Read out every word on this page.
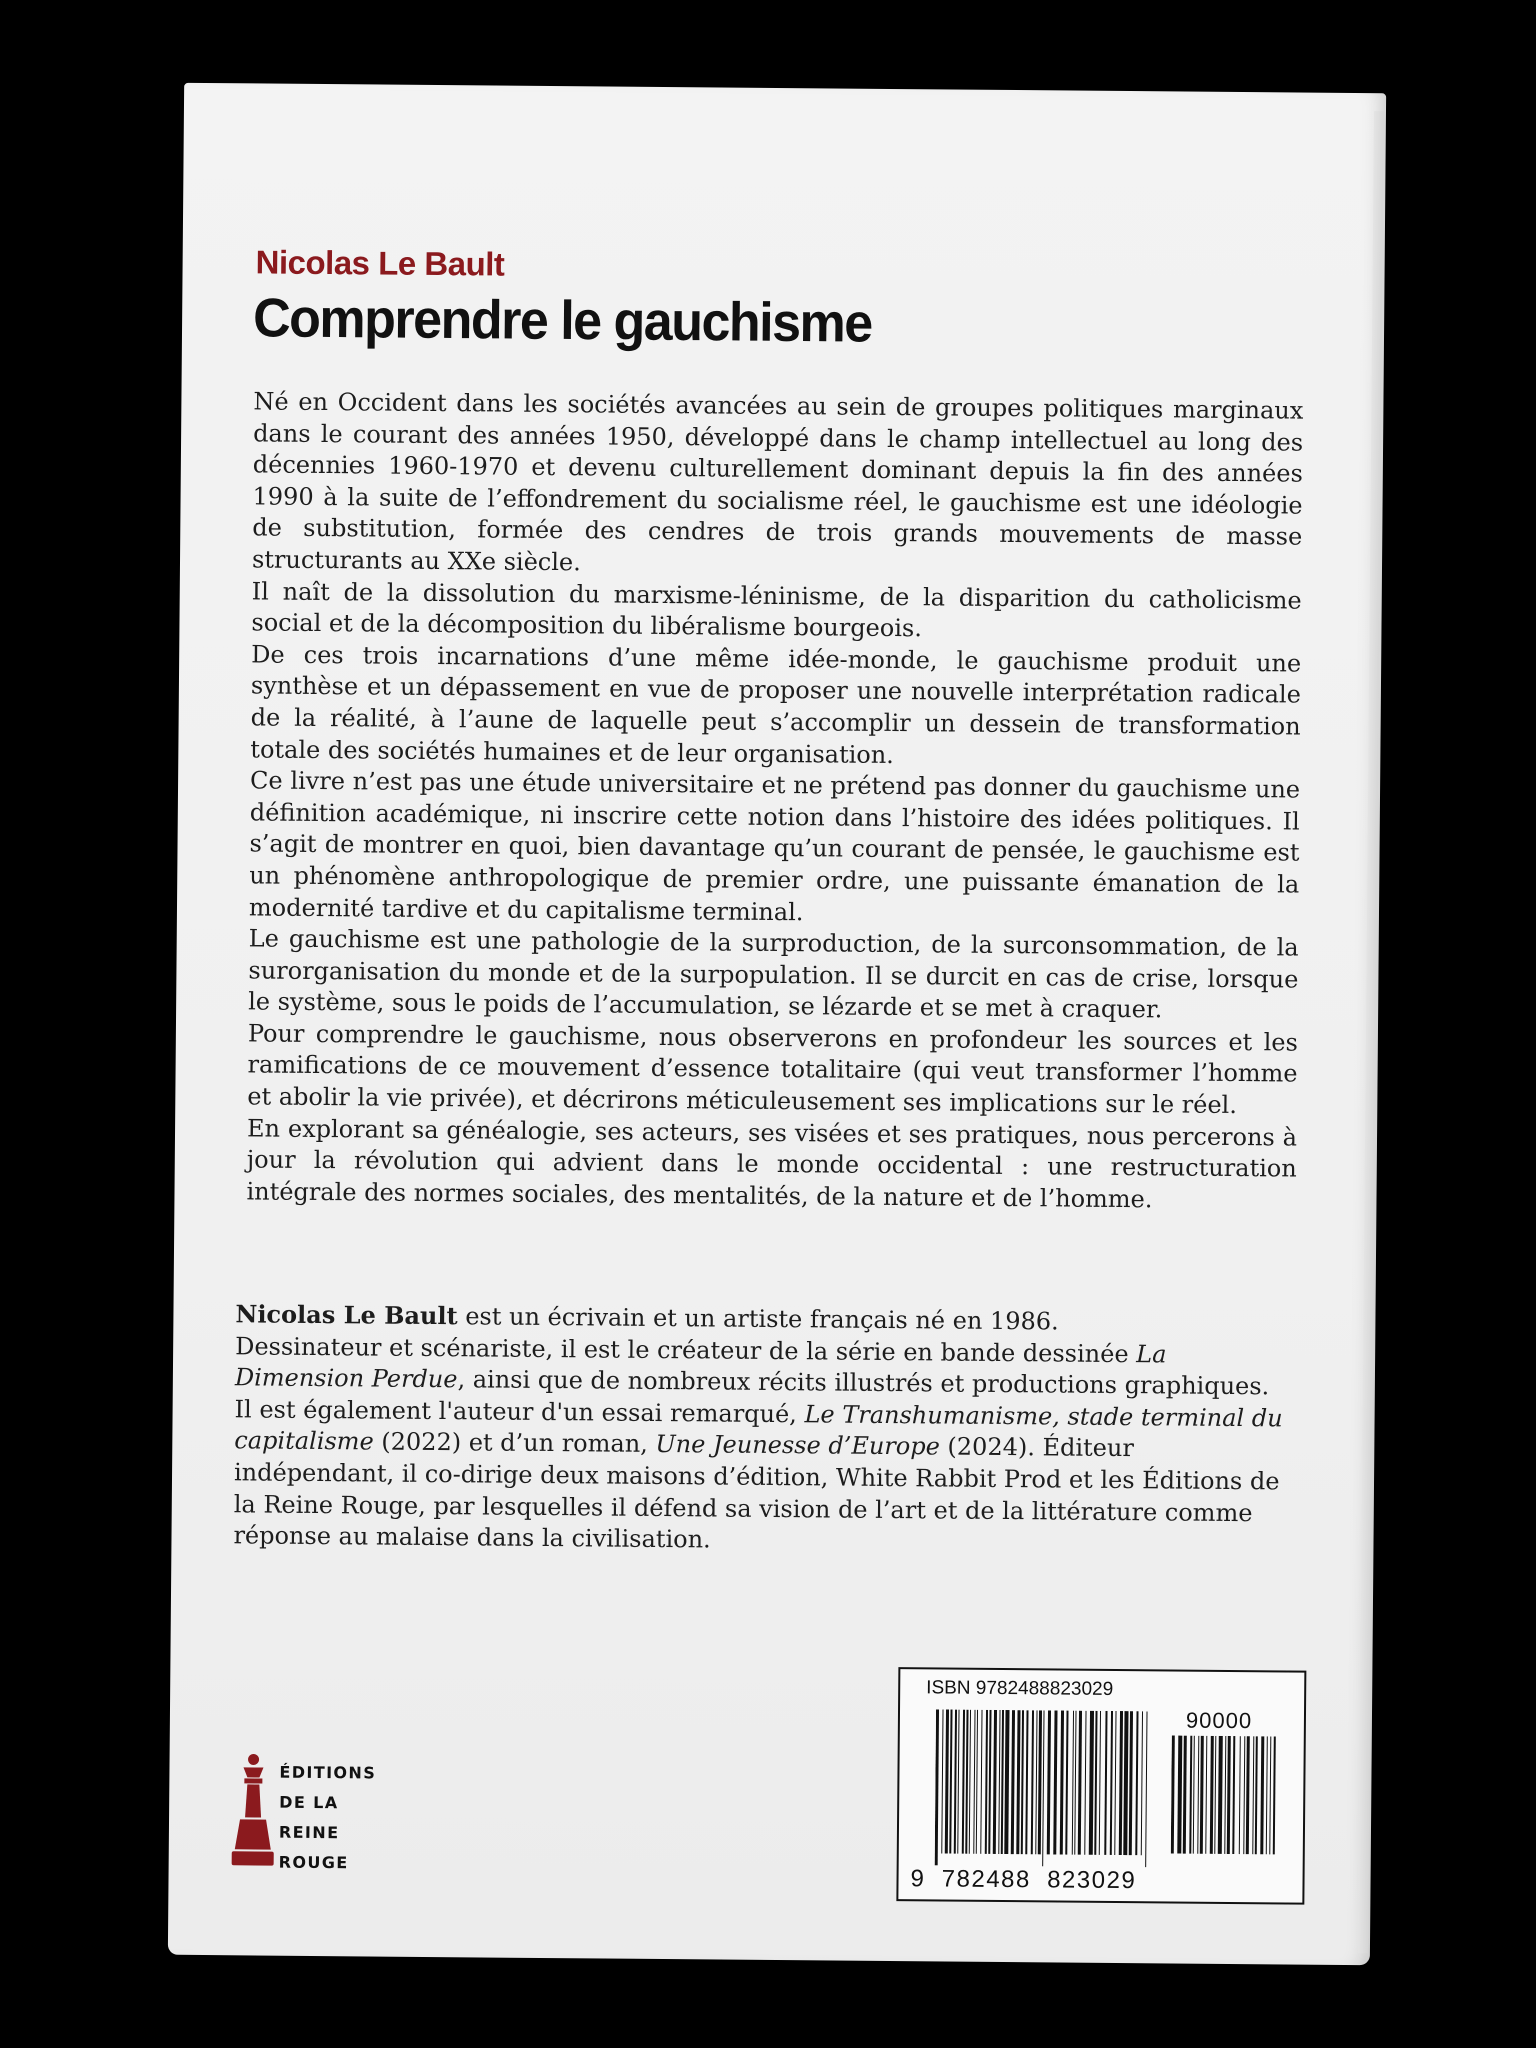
Nicolas Le Bault
Comprendre le gauchisme

Né en Occident dans les sociétés avancées au sein de groupes politiques marginaux dans le courant des années 1950, développé dans le champ intellectuel au long des décennies 1960-1970 et devenu culturellement dominant depuis la fin des années 1990 à la suite de l’effondrement du socialisme réel, le gauchisme est une idéologie de substitution, formée des cendres de trois grands mouvements de masse structurants au XXe siècle.

Il naît de la dissolution du marxisme-léninisme, de la disparition du catholicisme social et de la décomposition du libéralisme bourgeois.

De ces trois incarnations d’une même idée-monde, le gauchisme produit une synthèse et un dépassement en vue de proposer une nouvelle interprétation radicale de la réalité, à l’aune de laquelle peut s’accomplir un dessein de transformation totale des sociétés humaines et de leur organisation.

Ce livre n’est pas une étude universitaire et ne prétend pas donner du gauchisme une définition académique, ni inscrire cette notion dans l’histoire des idées politiques. Il s’agit de montrer en quoi, bien davantage qu’un courant de pensée, le gauchisme est un phénomène anthropologique de premier ordre, une puissante émanation de la modernité tardive et du capitalisme terminal.

Le gauchisme est une pathologie de la surproduction, de la surconsommation, de la surorganisation du monde et de la surpopulation. Il se durcit en cas de crise, lorsque le système, sous le poids de l’accumulation, se lézarde et se met à craquer.

Pour comprendre le gauchisme, nous observerons en profondeur les sources et les ramifications de ce mouvement d’essence totalitaire (qui veut transformer l’homme et abolir la vie privée), et décrirons méticuleusement ses implications sur le réel.

En explorant sa généalogie, ses acteurs, ses visées et ses pratiques, nous percerons à jour la révolution qui advient dans le monde occidental : une restructuration intégrale des normes sociales, des mentalités, de la nature et de l’homme.

Nicolas Le Bault est un écrivain et un artiste français né en 1986.

Dessinateur et scénariste, il est le créateur de la série en bande dessinée La Dimension Perdue, ainsi que de nombreux récits illustrés et productions graphiques. Il est également l'auteur d'un essai remarqué, Le Transhumanisme, stade terminal du capitalisme (2022) et d’un roman, Une Jeunesse d’Europe (2024). Éditeur indépendant, il co-dirige deux maisons d’édition, White Rabbit Prod et les Éditions de la Reine Rouge, par lesquelles il défend sa vision de l’art et de la littérature comme réponse au malaise dans la civilisation.

ÉDITIONS
DE LA
REINE
ROUGE
ISBN 9782488823029
90000
9  782488  823029
